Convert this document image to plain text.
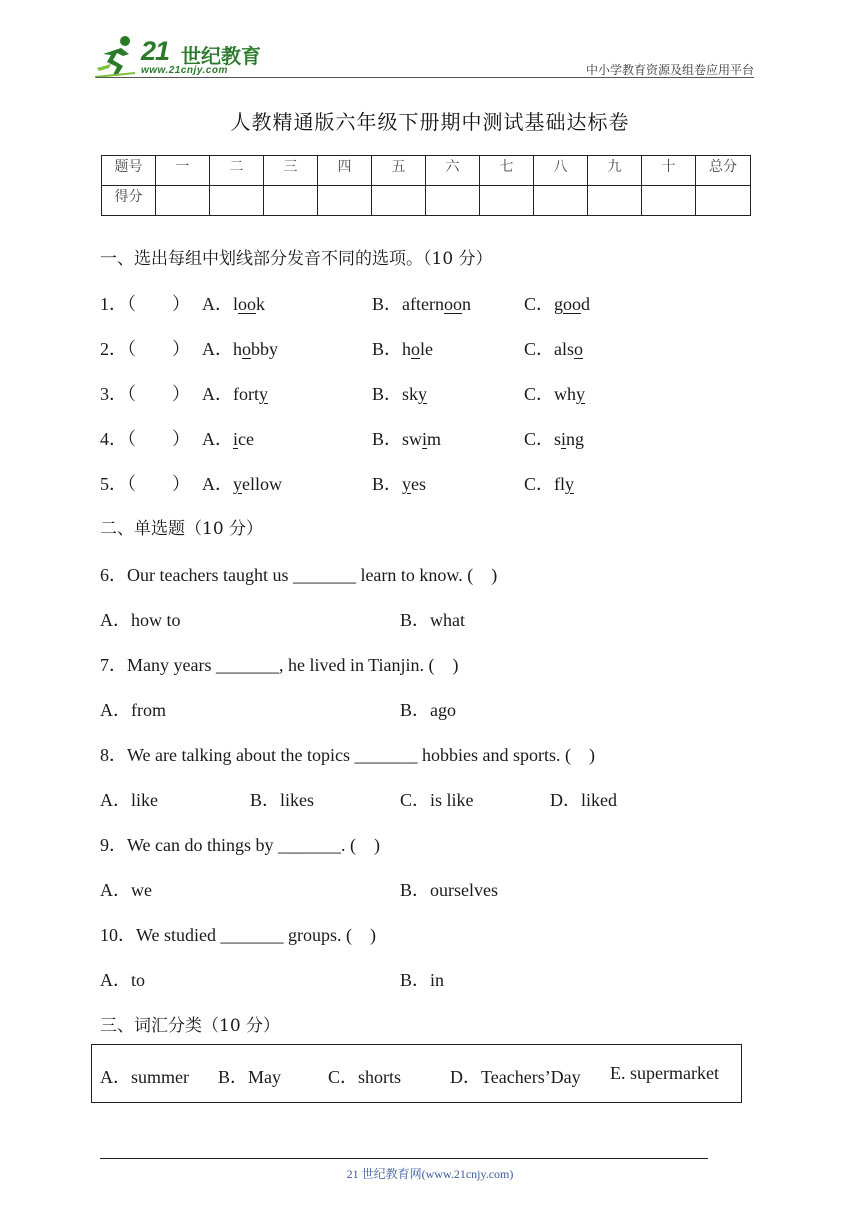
21 世纪教育
www.21cnjy.com	中小学教育资源及组卷应用平台
人教精通版六年级下册期中测试基础达标卷
题号	一	二	三	四	五	六	七	八	九	十	总分
得分											
一、选出每组中划线部分发音不同的选项。（10 分）
1．（　　） A．look	B．afternoon	C．good
2．（　　） A．hobby	B．hole	C．also
3．（　　） A．forty	B．sky	C．why
4．（　　） A．ice	B．swim	C．sing
5．（　　） A．yellow	B．yes	C．fly
二、单选题（10 分）
6．Our teachers taught us _______ learn to know. (　)
A．how to	B．what
7．Many years _______, he lived in Tianjin. (　)
A．from	B．ago
8．We are talking about the topics _______ hobbies and sports. (　)
A．like	B．likes	C．is like	D．liked
9．We can do things by _______. (　)
A．we	B．ourselves
10．We studied _______ groups. (　)
A．to	B．in
三、词汇分类（10 分）
A．summer B．May	C．shorts	D．Teachers’Day E. supermarket
21 世纪教育网(www.21cnjy.com)
